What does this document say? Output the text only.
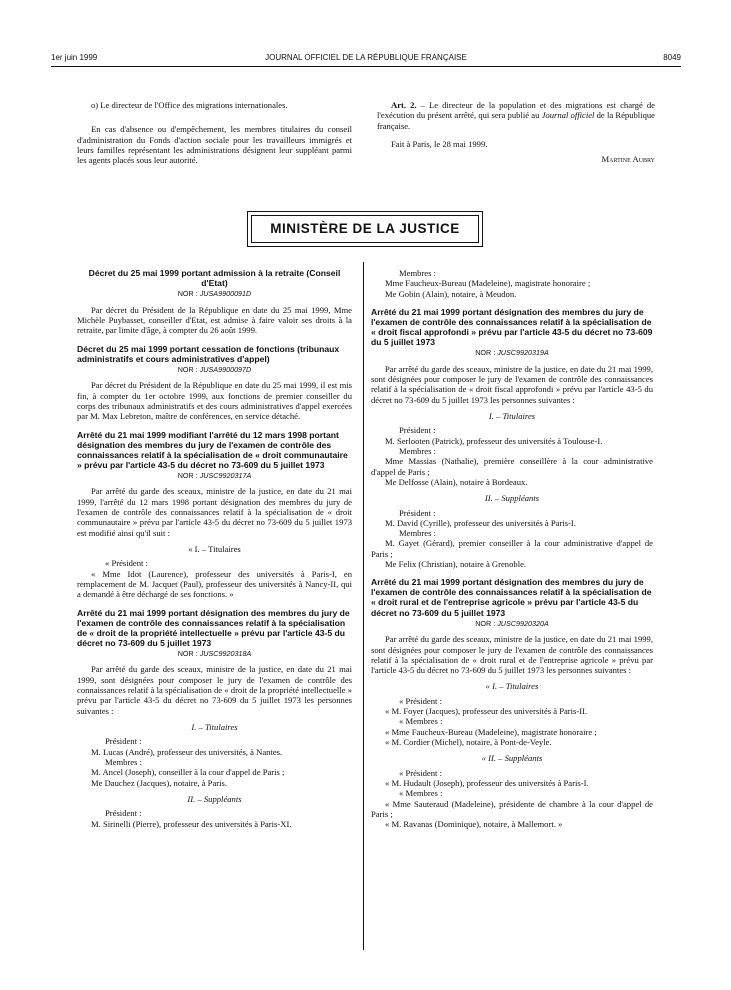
1er juin 1999	JOURNAL OFFICIEL DE LA RÉPUBLIQUE FRANÇAISE	8049

o) Le directeur de l'Office des migrations internationales.

En cas d'absence ou d'empêchement, les membres titulaires du conseil d'administration du Fonds d'action sociale pour les travailleurs immigrés et leurs familles représentant les administrations désignent leur suppléant parmi les agents placés sous leur autorité.

Art. 2. – Le directeur de la population et des migrations est chargé de l'exécution du présent arrêté, qui sera publié au Journal officiel de la République française.

Fait à Paris, le 28 mai 1999.

Martine Aubry

MINISTÈRE DE LA JUSTICE

Décret du 25 mai 1999 portant admission à la retraite (Conseil d'Etat)

NOR : JUSA9900091D

Par décret du Président de la République en date du 25 mai 1999, Mme Michèle Puybasset, conseiller d'Etat, est admise à faire valoir ses droits à la retraite, par limite d'âge, à compter du 26 août 1999.

Décret du 25 mai 1999 portant cessation de fonctions (tribunaux administratifs et cours administratives d'appel)

NOR : JUSA9900097D

Par décret du Président de la République en date du 25 mai 1999, il est mis fin, à compter du 1er octobre 1999, aux fonctions de premier conseiller du corps des tribunaux administratifs et des cours administratives d'appel exercées par M. Max Lebreton, maître de conférences, en service détaché.

Arrêté du 21 mai 1999 modifiant l'arrêté du 12 mars 1998 portant désignation des membres du jury de l'examen de contrôle des connaissances relatif à la spécialisation de « droit communautaire » prévu par l'article 43-5 du décret no 73-609 du 5 juillet 1973

NOR : JUSC9920317A

Par arrêté du garde des sceaux, ministre de la justice, en date du 21 mai 1999, l'arrêté du 12 mars 1998 portant désignation des membres du jury de l'examen de contrôle des connaissances relatif à la spécialisation de « droit communautaire » prévu par l'article 43-5 du décret no 73-609 du 5 juillet 1973 est modifié ainsi qu'il suit :

« I. – Titulaires

« Président :

« Mme Idot (Laurence), professeur des universités à Paris-I, en remplacement de M. Jacquet (Paul), professeur des universités à Nancy-II, qui a demandé à être déchargé de ses fonctions. »

Arrêté du 21 mai 1999 portant désignation des membres du jury de l'examen de contrôle des connaissances relatif à la spécialisation de « droit de la propriété intellectuelle » prévu par l'article 43-5 du décret no 73-609 du 5 juillet 1973

NOR : JUSC9920318A

Par arrêté du garde des sceaux, ministre de la justice, en date du 21 mai 1999, sont désignées pour composer le jury de l'examen de contrôle des connaissances relatif à la spécialisation de « droit de la propriété intellectuelle » prévu par l'article 43-5 du décret no 73-609 du 5 juillet 1973 les personnes suivantes :

I. – Titulaires

Président :

M. Lucas (André), professeur des universités, à Nantes.

Membres :

M. Ancel (Joseph), conseiller à la cour d'appel de Paris ;

Me Dauchez (Jacques), notaire, à Paris.

II. – Suppléants

Président :

M. Sirinelli (Pierre), professeur des universités à Paris-XI.

Membres :

Mme Faucheux-Bureau (Madeleine), magistrate honoraire ;

Me Gobin (Alain), notaire, à Meudon.

Arrêté du 21 mai 1999 portant désignation des membres du jury de l'examen de contrôle des connaissances relatif à la spécialisation de « droit fiscal approfondi » prévu par l'article 43-5 du décret no 73-609 du 5 juillet 1973

NOR : JUSC9920319A

Par arrêté du garde des sceaux, ministre de la justice, en date du 21 mai 1999, sont désignées pour composer le jury de l'examen de contrôle des connaissances relatif à la spécialisation de « droit fiscal approfondi » prévu par l'article 43-5 du décret no 73-609 du 5 juillet 1973 les personnes suivantes :

I. – Titulaires

Président :

M. Serlooten (Patrick), professeur des universités à Toulouse-I.

Membres :

Mme Massias (Nathalie), première conseillère à la cour administrative d'appel de Paris ;

Me Delfosse (Alain), notaire à Bordeaux.

II. – Suppléants

Président :

M. David (Cyrille), professeur des universités à Paris-I.

Membres :

M. Gayet (Gérard), premier conseiller à la cour administrative d'appel de Paris ;

Me Felix (Christian), notaire à Grenoble.

Arrêté du 21 mai 1999 portant désignation des membres du jury de l'examen de contrôle des connaissances relatif à la spécialisation de « droit rural et de l'entreprise agricole » prévu par l'article 43-5 du décret no 73-609 du 5 juillet 1973

NOR : JUSC9920320A

Par arrêté du garde des sceaux, ministre de la justice, en date du 21 mai 1999, sont désignées pour composer le jury de l'examen de contrôle des connaissances relatif à la spécialisation de « droit rural et de l'entreprise agricole » prévu par l'article 43-5 du décret no 73-609 du 5 juillet 1973 les personnes suivantes :

« I. – Titulaires

« Président :

« M. Foyer (Jacques), professeur des universités à Paris-II.

« Membres :

« Mme Faucheux-Bureau (Madeleine), magistrate honoraire ;

« M. Cordier (Michel), notaire, à Pont-de-Veyle.

« II. – Suppléants

« Président :

« M. Hudault (Joseph), professeur des universités à Paris-I.

« Membres :

« Mme Sauteraud (Madeleine), présidente de chambre à la cour d'appel de Paris ;

« M. Ravanas (Dominique), notaire, à Mallemort. »
